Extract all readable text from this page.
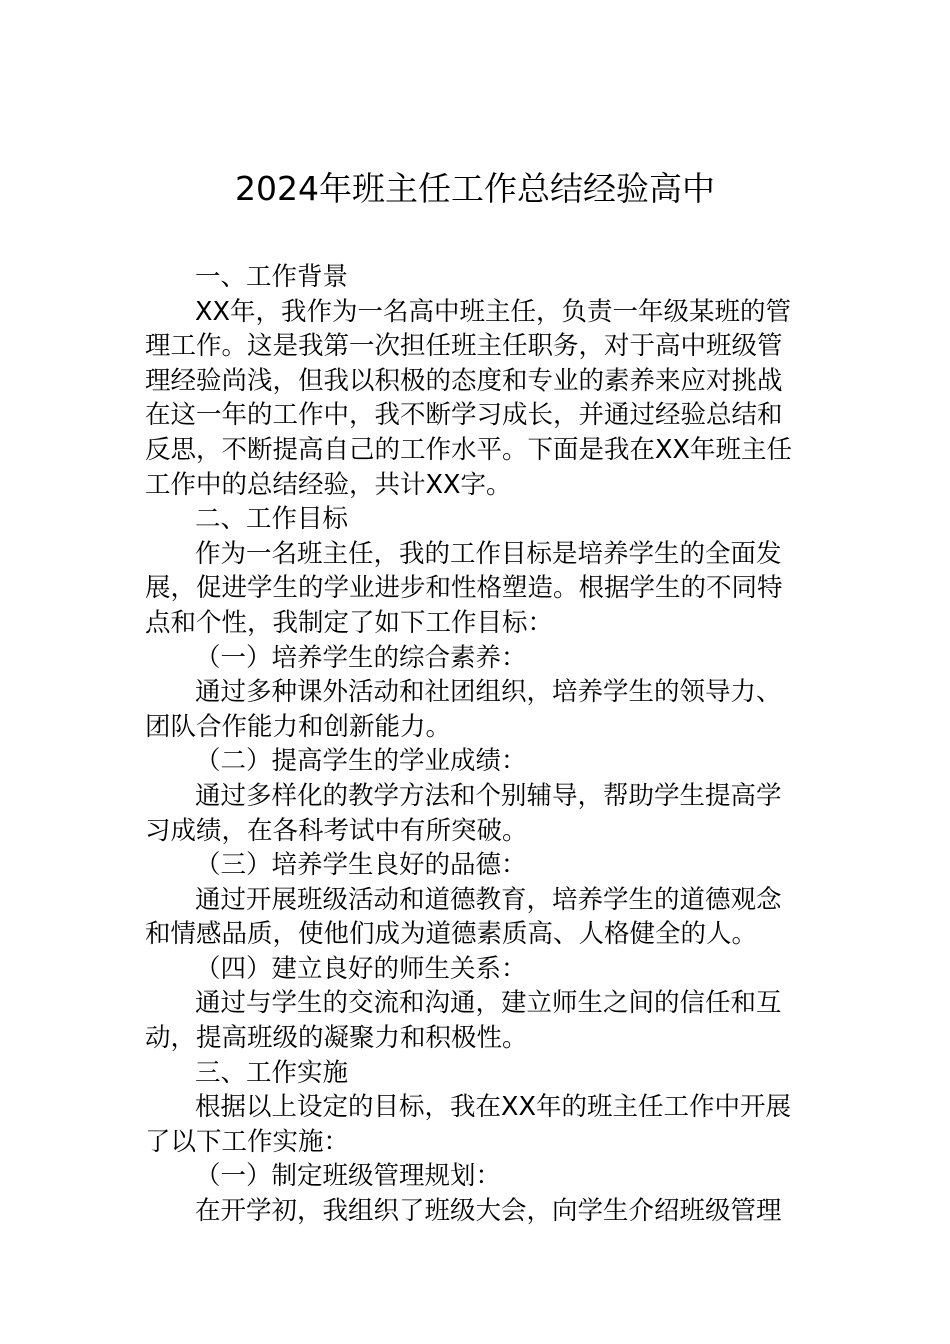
2024年班主任工作总结经验高中
一、工作背景
XX年，我作为一名高中班主任，负责一年级某班的管
理工作。这是我第一次担任班主任职务，对于高中班级管
理经验尚浅，但我以积极的态度和专业的素养来应对挑战
在这一年的工作中，我不断学习成长，并通过经验总结和
反思，不断提高自己的工作水平。下面是我在XX年班主任
工作中的总结经验，共计XX字。
二、工作目标
作为一名班主任，我的工作目标是培养学生的全面发
展，促进学生的学业进步和性格塑造。根据学生的不同特
点和个性，我制定了如下工作目标：
（一）培养学生的综合素养：
通过多种课外活动和社团组织，培养学生的领导力、
团队合作能力和创新能力。
（二）提高学生的学业成绩：
通过多样化的教学方法和个别辅导，帮助学生提高学
习成绩，在各科考试中有所突破。
（三）培养学生良好的品德：
通过开展班级活动和道德教育，培养学生的道德观念
和情感品质，使他们成为道德素质高、人格健全的人。
（四）建立良好的师生关系：
通过与学生的交流和沟通，建立师生之间的信任和互
动，提高班级的凝聚力和积极性。
三、工作实施
根据以上设定的目标，我在XX年的班主任工作中开展
了以下工作实施：
（一）制定班级管理规划：
在开学初，我组织了班级大会，向学生介绍班级管理
